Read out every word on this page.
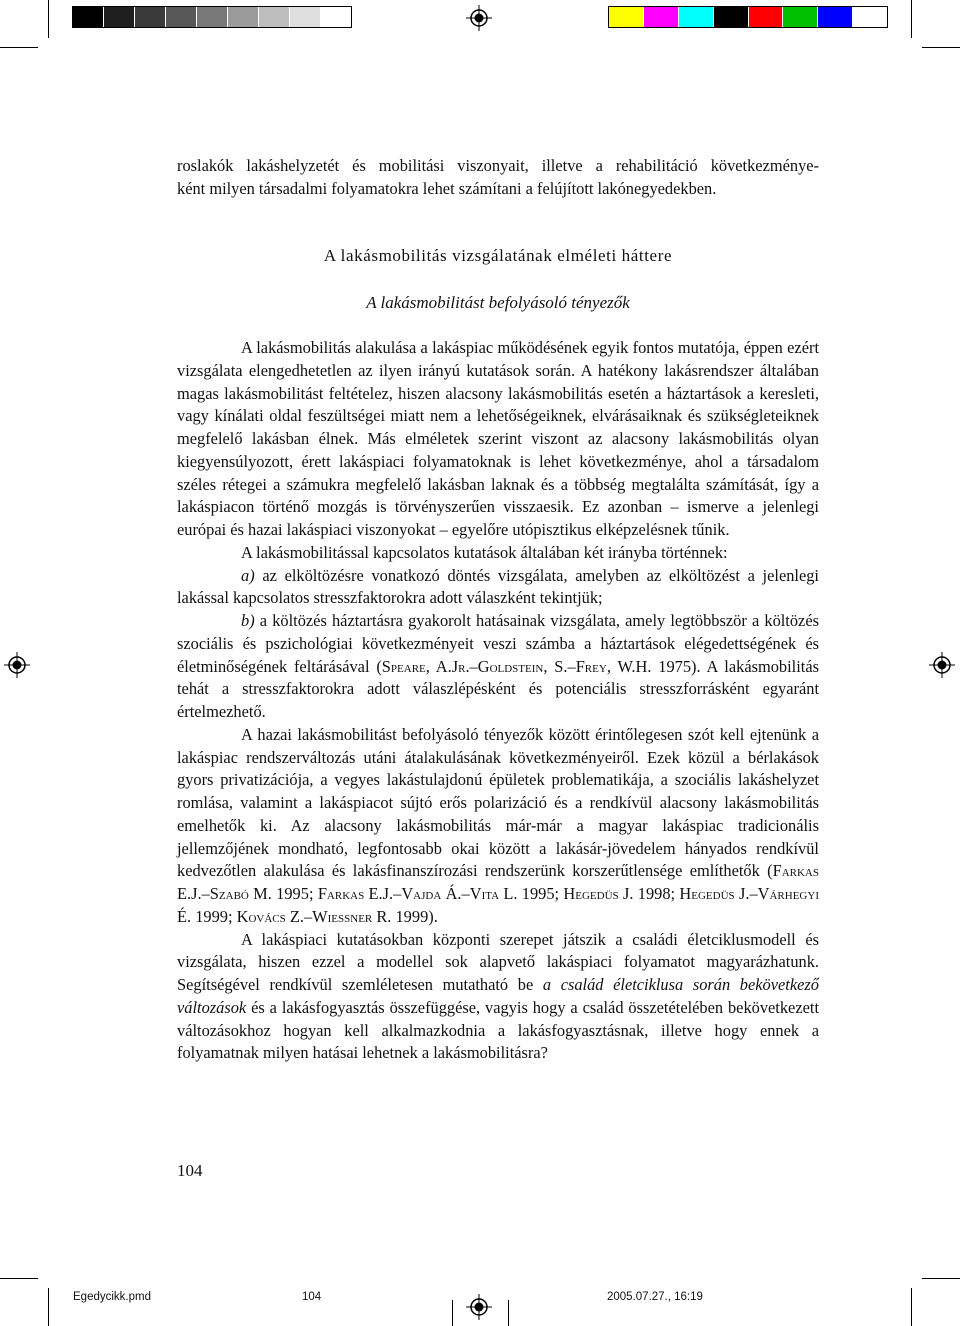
roslakók lakáshelyzetét és mobilitási viszonyait, illetve a rehabilitáció következménye-
ként milyen társadalmi folyamatokra lehet számítani a felújított lakónegyedekben.
A lakásmobilitás vizsgálatának elméleti háttere
A lakásmobilitást befolyásoló tényezők

A lakásmobilitás alakulása a lakáspiac működésének egyik fontos mutatója, éppen ezért vizsgálata elengedhetetlen az ilyen irányú kutatások során. A hatékony lakásrendszer általában magas lakásmobilitást feltételez, hiszen alacsony lakásmobilitás esetén a háztartások a keresleti, vagy kínálati oldal feszültségei miatt nem a lehetőségeiknek, elvárásaiknak és szükségleteiknek megfelelő lakásban élnek. Más elméletek szerint viszont az alacsony lakásmobilitás olyan kiegyensúlyozott, érett lakáspiaci folyamatoknak is lehet következménye, ahol a társadalom széles rétegei a számukra megfelelő lakásban laknak és a többség megtalálta számítását, így a lakáspiacon történő mozgás is törvényszerűen visszaesik. Ez azonban – ismerve a jelenlegi európai és hazai lakáspiaci viszonyokat – egyelőre utópisztikus elképzelésnek tűnik.

A lakásmobilitással kapcsolatos kutatások általában két irányba történnek:

a) az elköltözésre vonatkozó döntés vizsgálata, amelyben az elköltözést a jelenlegi lakással kapcsolatos stresszfaktorokra adott válaszként tekintjük;

b) a költözés háztartásra gyakorolt hatásainak vizsgálata, amely legtöbbször a költözés szociális és pszichológiai következményeit veszi számba a háztartások elégedettségének és életminőségének feltárásával (Speare, A.Jr.–Goldstein, S.–Frey, W.H. 1975). A lakásmobilitás tehát a stresszfaktorokra adott válaszlépésként és potenciális stresszforrásként egyaránt értelmezhető.

A hazai lakásmobilitást befolyásoló tényezők között érintőlegesen szót kell ejtenünk a lakáspiac rendszerváltozás utáni átalakulásának következményeiről. Ezek közül a bérlakások gyors privatizációja, a vegyes lakástulajdonú épületek problematikája, a szociális lakáshelyzet romlása, valamint a lakáspiacot sújtó erős polarizáció és a rendkívül alacsony lakásmobilitás emelhetők ki. Az alacsony lakásmobilitás már-már a magyar lakáspiac tradicionális jellemzőjének mondható, legfontosabb okai között a lakásár-jövedelem hányados rendkívül kedvezőtlen alakulása és lakásfinanszírozási rendszerünk korszerűtlensége említhetők (Farkas E.J.–Szabó M. 1995; Farkas E.J.–Vajda Á.–Vita L. 1995; Hegedüs J. 1998; Hegedüs J.–Várhegyi É. 1999; Kovács Z.–Wiessner R. 1999).

A lakáspiaci kutatásokban központi szerepet játszik a családi életciklusmodell és vizsgálata, hiszen ezzel a modellel sok alapvető lakáspiaci folyamatot magyarázhatunk. Segítségével rendkívül szemléletesen mutatható be a család életciklusa során bekövetkező változások és a lakásfogyasztás összefüggése, vagyis hogy a család összetételében bekövetkezett változásokhoz hogyan kell alkalmazkodnia a lakásfogyasztásnak, illetve hogy ennek a folyamatnak milyen hatásai lehetnek a lakásmobilitásra?

104
Egedycikk.pmd	104	2005.07.27., 16:19
